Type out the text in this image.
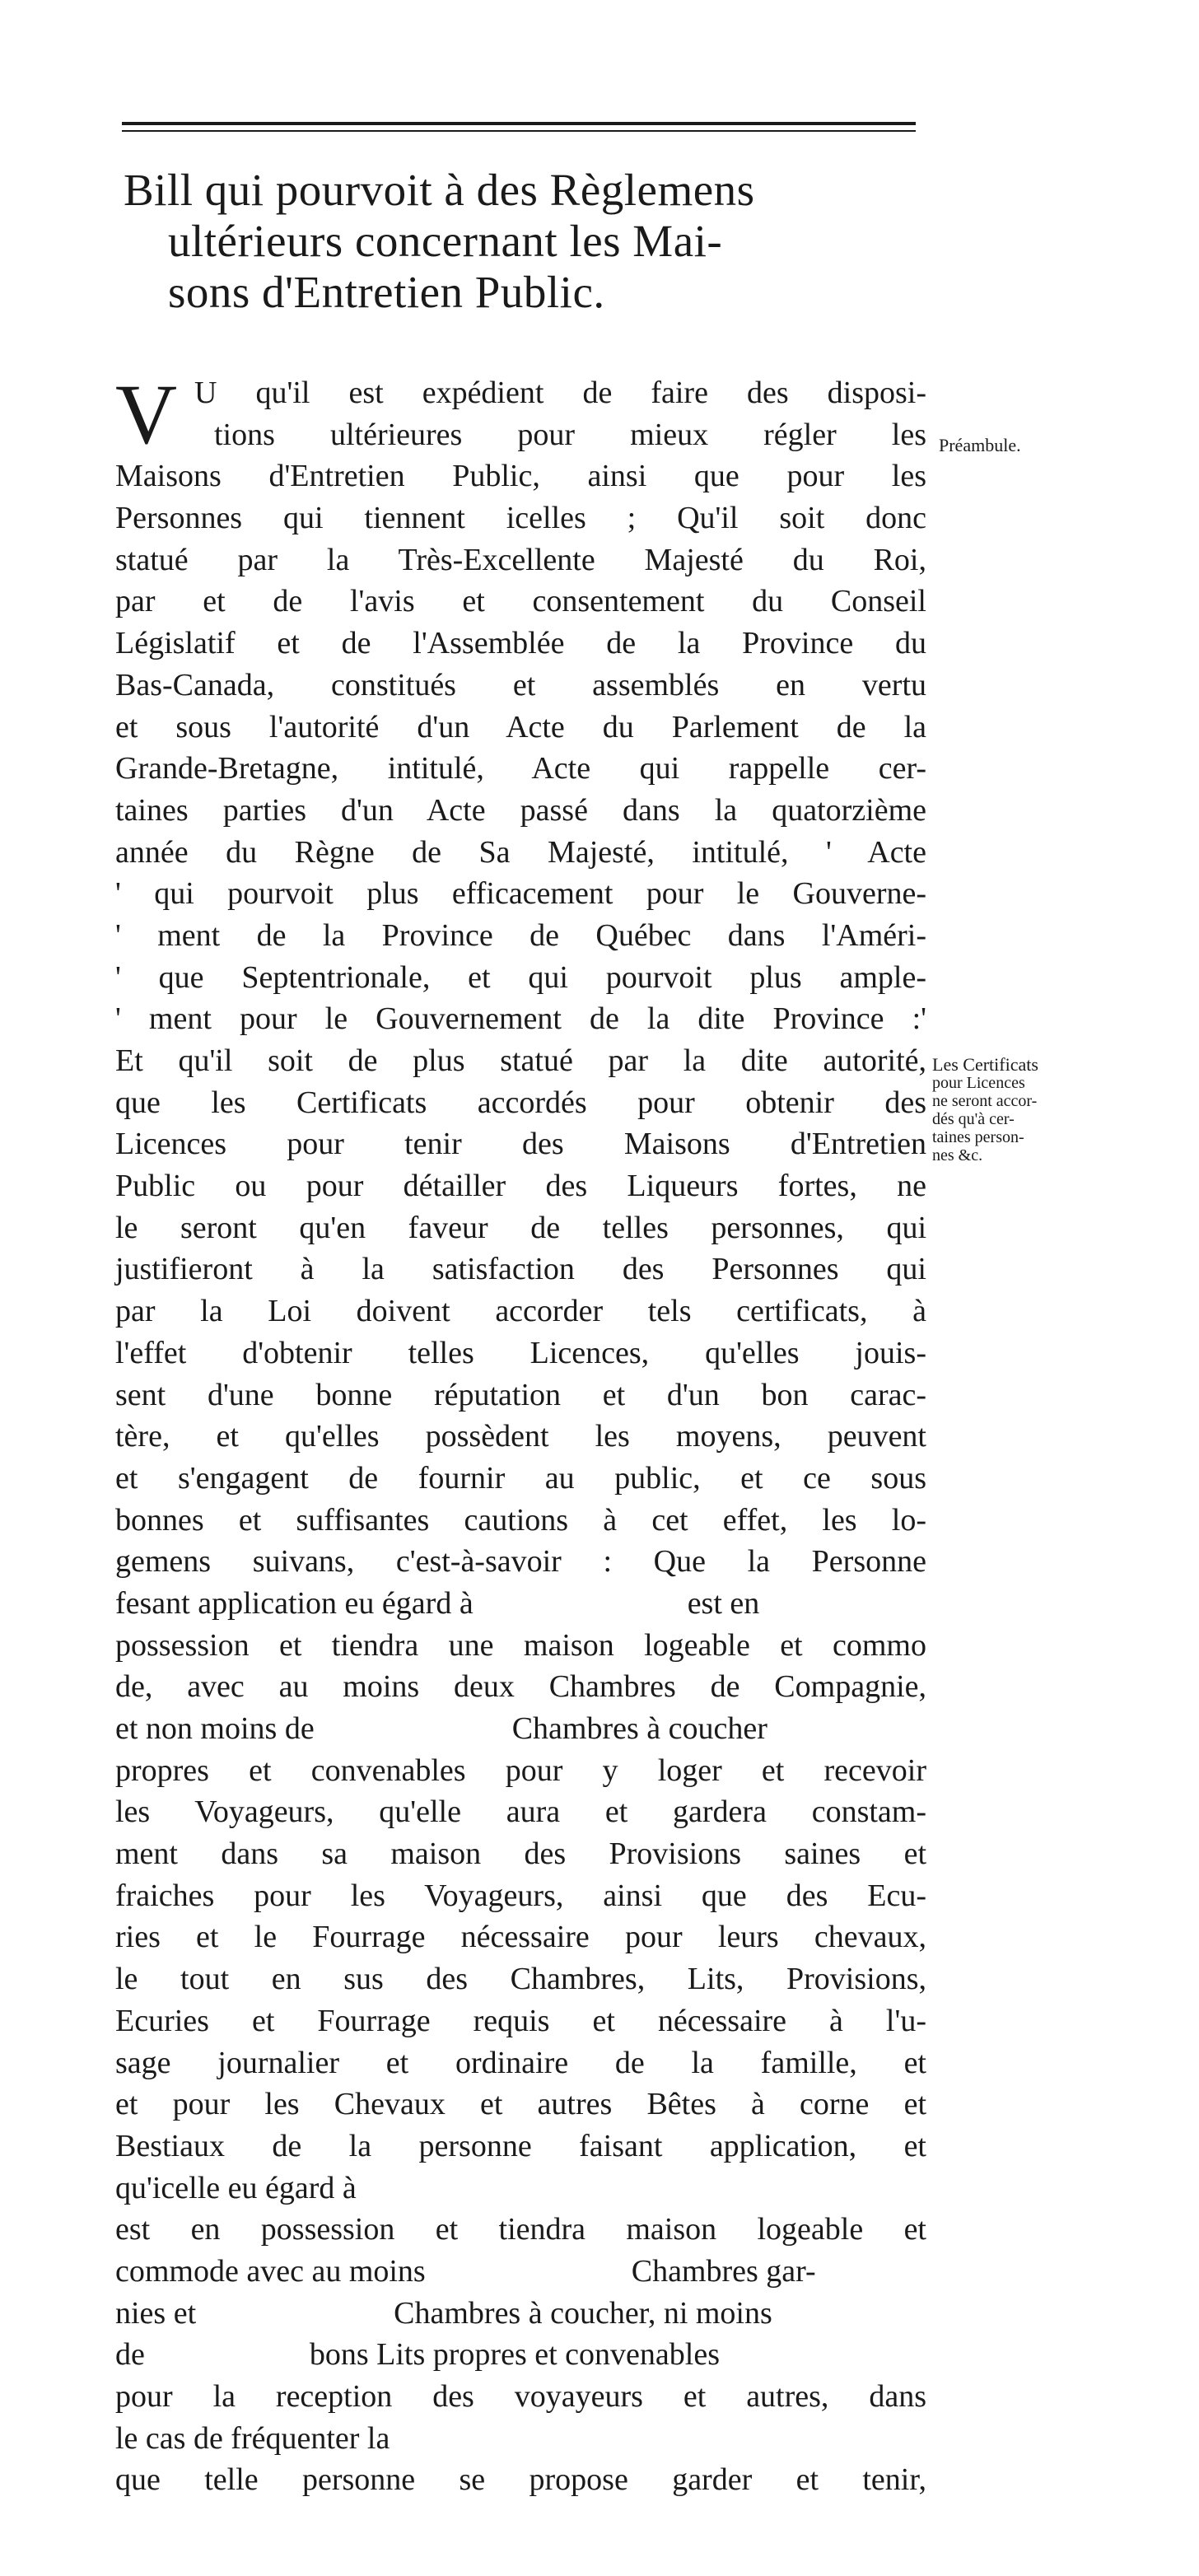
Bill qui pourvoit à des Règlemens
ultérieurs concernant les Mai-
sons d'Entretien Public.
V U qu'il est expédient de faire des disposi-
tions ultérieures pour mieux régler les
Maisons d'Entretien Public, ainsi que pour les
Personnes qui tiennent icelles ; Qu'il soit donc
statué par la Très-Excellente Majesté du Roi,
par et de l'avis et consentement du Conseil
Législatif et de l'Assemblée de la Province du
Bas-Canada, constitués et assemblés en vertu
et sous l'autorité d'un Acte du Parlement de la
Grande-Bretagne, intitulé, Acte qui rappelle cer-
taines parties d'un Acte passé dans la quatorzième
année du Règne de Sa Majesté, intitulé, ' Acte
' qui pourvoit plus efficacement pour le Gouverne-
' ment de la Province de Québec dans l'Améri-
' que Septentrionale, et qui pourvoit plus ample-
' ment pour le Gouvernement de la dite Province :'
Et qu'il soit de plus statué par la dite autorité,
que les Certificats accordés pour obtenir des
Licences pour tenir des Maisons d'Entretien
Public ou pour détailler des Liqueurs fortes, ne
le seront qu'en faveur de telles personnes, qui
justifieront à la satisfaction des Personnes qui
par la Loi doivent accorder tels certificats, à
l'effet d'obtenir telles Licences, qu'elles jouis-
sent d'une bonne réputation et d'un bon carac-
tère, et qu'elles possèdent les moyens, peuvent
et s'engagent de fournir au public, et ce sous
bonnes et suffisantes cautions à cet effet, les lo-
gemens suivans, c'est-à-savoir : Que la Personne
fesant application eu égard à	est en
possession et tiendra une maison logeable et commo
de, avec au moins deux Chambres de Compagnie,
et non moins de	Chambres à coucher
propres et convenables pour y loger et recevoir
les Voyageurs, qu'elle aura et gardera constam-
ment dans sa maison des Provisions saines et
fraiches pour les Voyageurs, ainsi que des Ecu-
ries et le Fourrage nécessaire pour leurs chevaux,
le tout en sus des Chambres, Lits, Provisions,
Ecuries et Fourrage requis et nécessaire à l'u-
sage journalier et ordinaire de la famille, et
et pour les Chevaux et autres Bêtes à corne et
Bestiaux de la personne faisant application, et
qu'icelle eu égard à
est en possession et tiendra maison logeable et
commode avec au moins	Chambres gar-
nies et	Chambres à coucher, ni moins
de	bons Lits propres et convenables
pour la reception des voyayeurs et autres, dans
le cas de fréquenter la
que telle personne se propose garder et tenir,
Préambule.
Les Certificats
pour Licences
ne seront accor-
dés qu'à cer-
taines person-
nes &c.
